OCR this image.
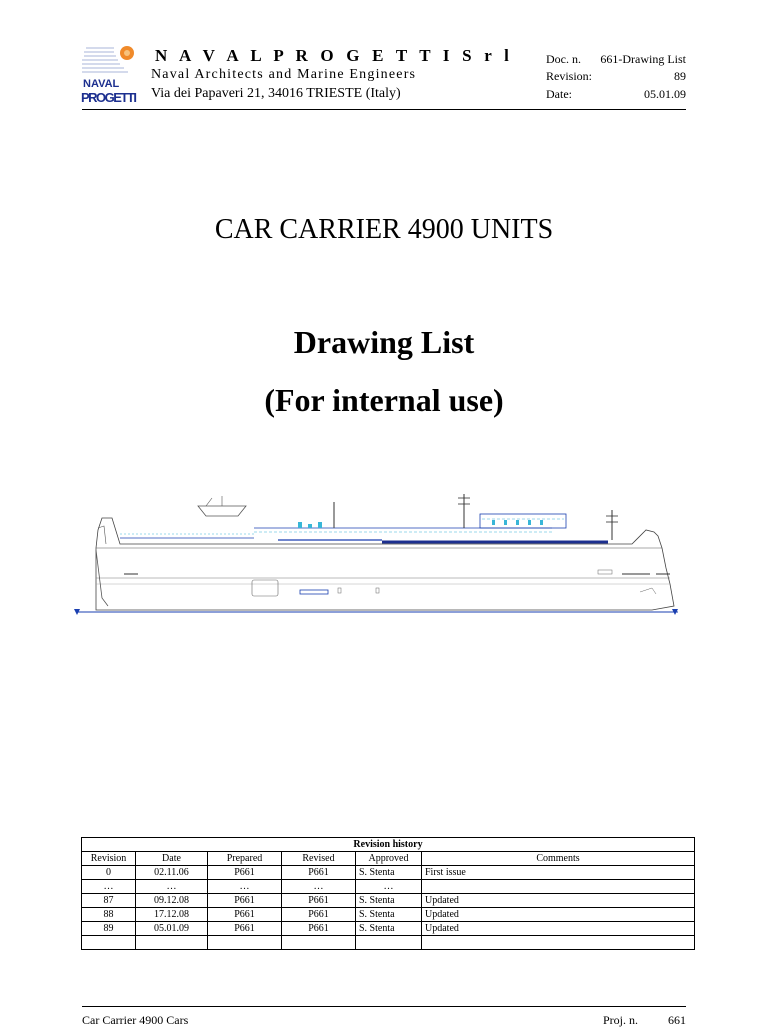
NAVAL
PROGETTI
N A V A L P R O G E T T I S r l
Naval Architects and Marine Engineers
Via dei Papaveri 21, 34016 TRIESTE (Italy)
Doc. n. 661-Drawing List
Revision:	89
Date:	05.01.09
CAR CARRIER 4900 UNITS
Drawing List
(For internal use)
Revision history					
Revision	Date	Prepared	Revised	Approved	Comments
0	02.11.06	P661	P661	S. Stenta	First issue
…	…	…	…	…	
87	09.12.08	P661	P661	S. Stenta	Updated
88	17.12.08	P661	P661	S. Stenta	Updated
89	05.01.09	P661	P661	S. Stenta	Updated

Car Carrier 4900 Cars	Proj. n. 661
